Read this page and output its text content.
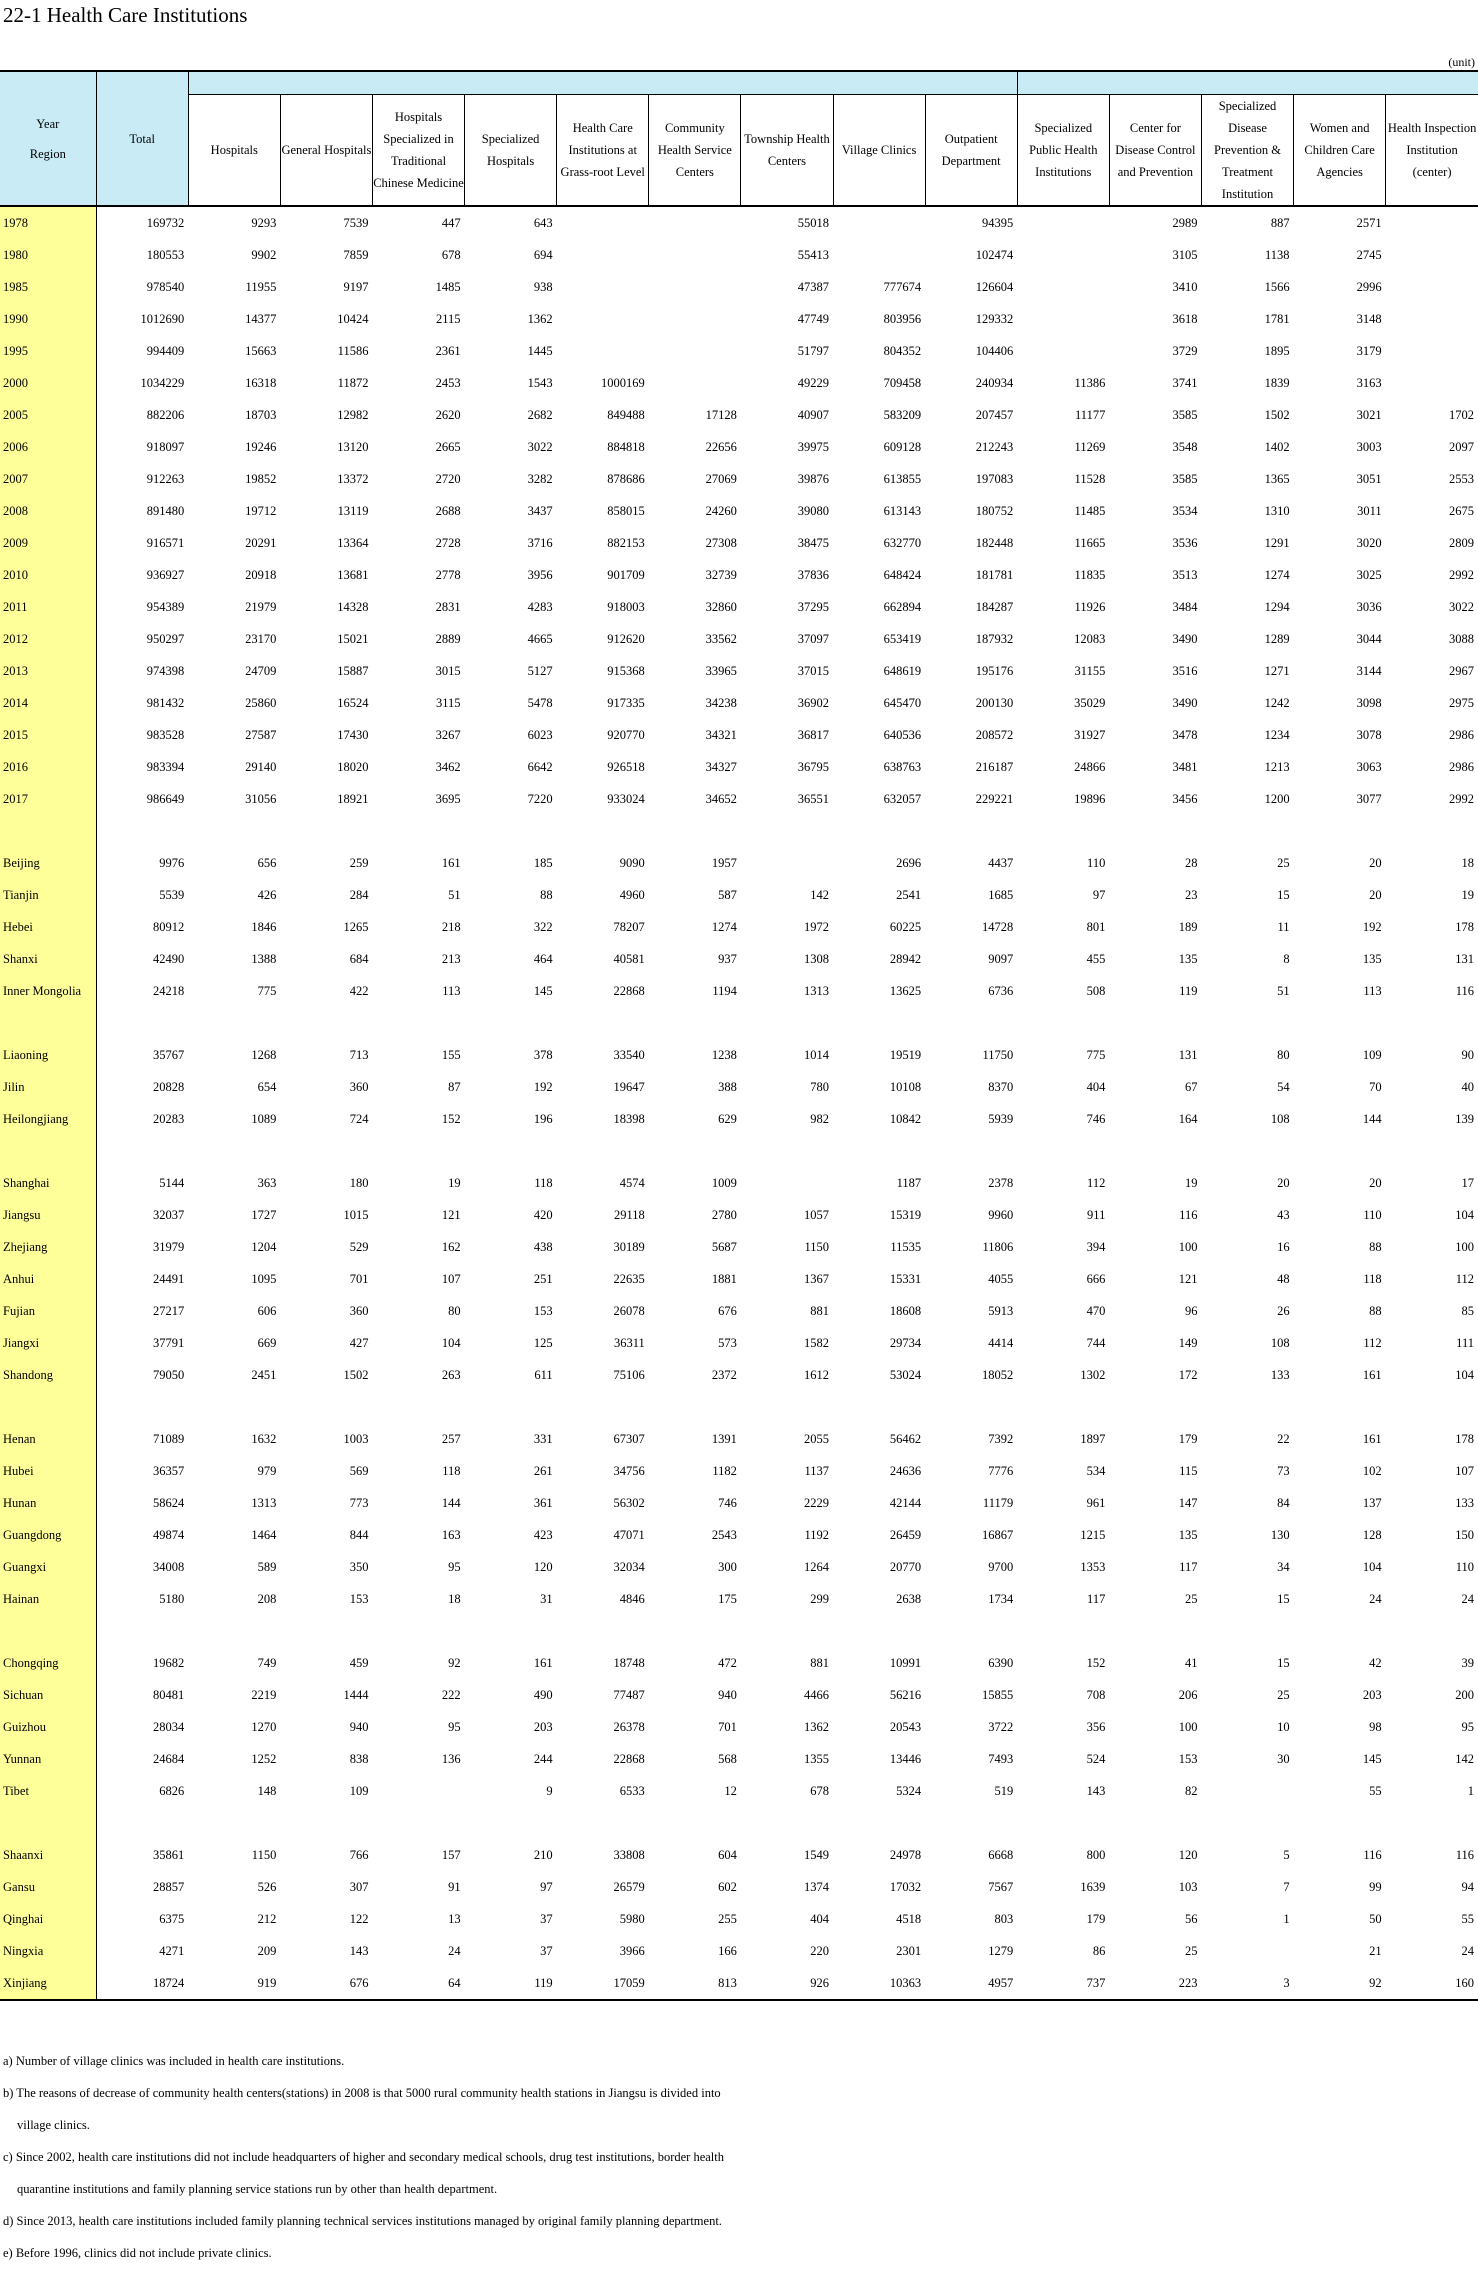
22-1 Health Care Institutions
(unit)
Year
Region	Total														
		Hospitals	General Hospitals	Hospitals Specialized in Traditional Chinese Medicine	Specialized Hospitals	Health Care Institutions at Grass-root Level	Community Health Service Centers	Township Health Centers	Village Clinics	Outpatient Department	Specialized Public Health Institutions	Center for Disease Control and Prevention	Specialized Disease Prevention & Treatment Institution	Women and Children Care Agencies	Health Inspection Institution (center)
1978	169732	9293	7539	447	643			55018		94395		2989	887	2571	
1980	180553	9902	7859	678	694			55413		102474		3105	1138	2745	
1985	978540	11955	9197	1485	938			47387	777674	126604		3410	1566	2996	
1990	1012690	14377	10424	2115	1362			47749	803956	129332		3618	1781	3148	
1995	994409	15663	11586	2361	1445			51797	804352	104406		3729	1895	3179	
2000	1034229	16318	11872	2453	1543	1000169		49229	709458	240934	11386	3741	1839	3163	
2005	882206	18703	12982	2620	2682	849488	17128	40907	583209	207457	11177	3585	1502	3021	1702
2006	918097	19246	13120	2665	3022	884818	22656	39975	609128	212243	11269	3548	1402	3003	2097
2007	912263	19852	13372	2720	3282	878686	27069	39876	613855	197083	11528	3585	1365	3051	2553
2008	891480	19712	13119	2688	3437	858015	24260	39080	613143	180752	11485	3534	1310	3011	2675
2009	916571	20291	13364	2728	3716	882153	27308	38475	632770	182448	11665	3536	1291	3020	2809
2010	936927	20918	13681	2778	3956	901709	32739	37836	648424	181781	11835	3513	1274	3025	2992
2011	954389	21979	14328	2831	4283	918003	32860	37295	662894	184287	11926	3484	1294	3036	3022
2012	950297	23170	15021	2889	4665	912620	33562	37097	653419	187932	12083	3490	1289	3044	3088
2013	974398	24709	15887	3015	5127	915368	33965	37015	648619	195176	31155	3516	1271	3144	2967
2014	981432	25860	16524	3115	5478	917335	34238	36902	645470	200130	35029	3490	1242	3098	2975
2015	983528	27587	17430	3267	6023	920770	34321	36817	640536	208572	31927	3478	1234	3078	2986
2016	983394	29140	18020	3462	6642	926518	34327	36795	638763	216187	24866	3481	1213	3063	2986
2017	986649	31056	18921	3695	7220	933024	34652	36551	632057	229221	19896	3456	1200	3077	2992

Beijing	9976	656	259	161	185	9090	1957		2696	4437	110	28	25	20	18
Tianjin	5539	426	284	51	88	4960	587	142	2541	1685	97	23	15	20	19
Hebei	80912	1846	1265	218	322	78207	1274	1972	60225	14728	801	189	11	192	178
Shanxi	42490	1388	684	213	464	40581	937	1308	28942	9097	455	135	8	135	131
Inner Mongolia	24218	775	422	113	145	22868	1194	1313	13625	6736	508	119	51	113	116

Liaoning	35767	1268	713	155	378	33540	1238	1014	19519	11750	775	131	80	109	90
Jilin	20828	654	360	87	192	19647	388	780	10108	8370	404	67	54	70	40
Heilongjiang	20283	1089	724	152	196	18398	629	982	10842	5939	746	164	108	144	139

Shanghai	5144	363	180	19	118	4574	1009		1187	2378	112	19	20	20	17
Jiangsu	32037	1727	1015	121	420	29118	2780	1057	15319	9960	911	116	43	110	104
Zhejiang	31979	1204	529	162	438	30189	5687	1150	11535	11806	394	100	16	88	100
Anhui	24491	1095	701	107	251	22635	1881	1367	15331	4055	666	121	48	118	112
Fujian	27217	606	360	80	153	26078	676	881	18608	5913	470	96	26	88	85
Jiangxi	37791	669	427	104	125	36311	573	1582	29734	4414	744	149	108	112	111
Shandong	79050	2451	1502	263	611	75106	2372	1612	53024	18052	1302	172	133	161	104

Henan	71089	1632	1003	257	331	67307	1391	2055	56462	7392	1897	179	22	161	178
Hubei	36357	979	569	118	261	34756	1182	1137	24636	7776	534	115	73	102	107
Hunan	58624	1313	773	144	361	56302	746	2229	42144	11179	961	147	84	137	133
Guangdong	49874	1464	844	163	423	47071	2543	1192	26459	16867	1215	135	130	128	150
Guangxi	34008	589	350	95	120	32034	300	1264	20770	9700	1353	117	34	104	110
Hainan	5180	208	153	18	31	4846	175	299	2638	1734	117	25	15	24	24

Chongqing	19682	749	459	92	161	18748	472	881	10991	6390	152	41	15	42	39
Sichuan	80481	2219	1444	222	490	77487	940	4466	56216	15855	708	206	25	203	200
Guizhou	28034	1270	940	95	203	26378	701	1362	20543	3722	356	100	10	98	95
Yunnan	24684	1252	838	136	244	22868	568	1355	13446	7493	524	153	30	145	142
Tibet	6826	148	109		9	6533	12	678	5324	519	143	82		55	1

Shaanxi	35861	1150	766	157	210	33808	604	1549	24978	6668	800	120	5	116	116
Gansu	28857	526	307	91	97	26579	602	1374	17032	7567	1639	103	7	99	94
Qinghai	6375	212	122	13	37	5980	255	404	4518	803	179	56	1	50	55
Ningxia	4271	209	143	24	37	3966	166	220	2301	1279	86	25		21	24
Xinjiang	18724	919	676	64	119	17059	813	926	10363	4957	737	223	3	92	160
a) Number of village clinics was included in health care institutions.
b) The reasons of decrease of community health centers(stations) in 2008 is that 5000 rural community health stations in Jiangsu is divided into
village clinics.
c) Since 2002, health care institutions did not include headquarters of higher and secondary medical schools, drug test institutions, border health
quarantine institutions and family planning service stations run by other than health department.
d) Since 2013, health care institutions included family planning technical services institutions managed by original family planning department.
e) Before 1996, clinics did not include private clinics.
